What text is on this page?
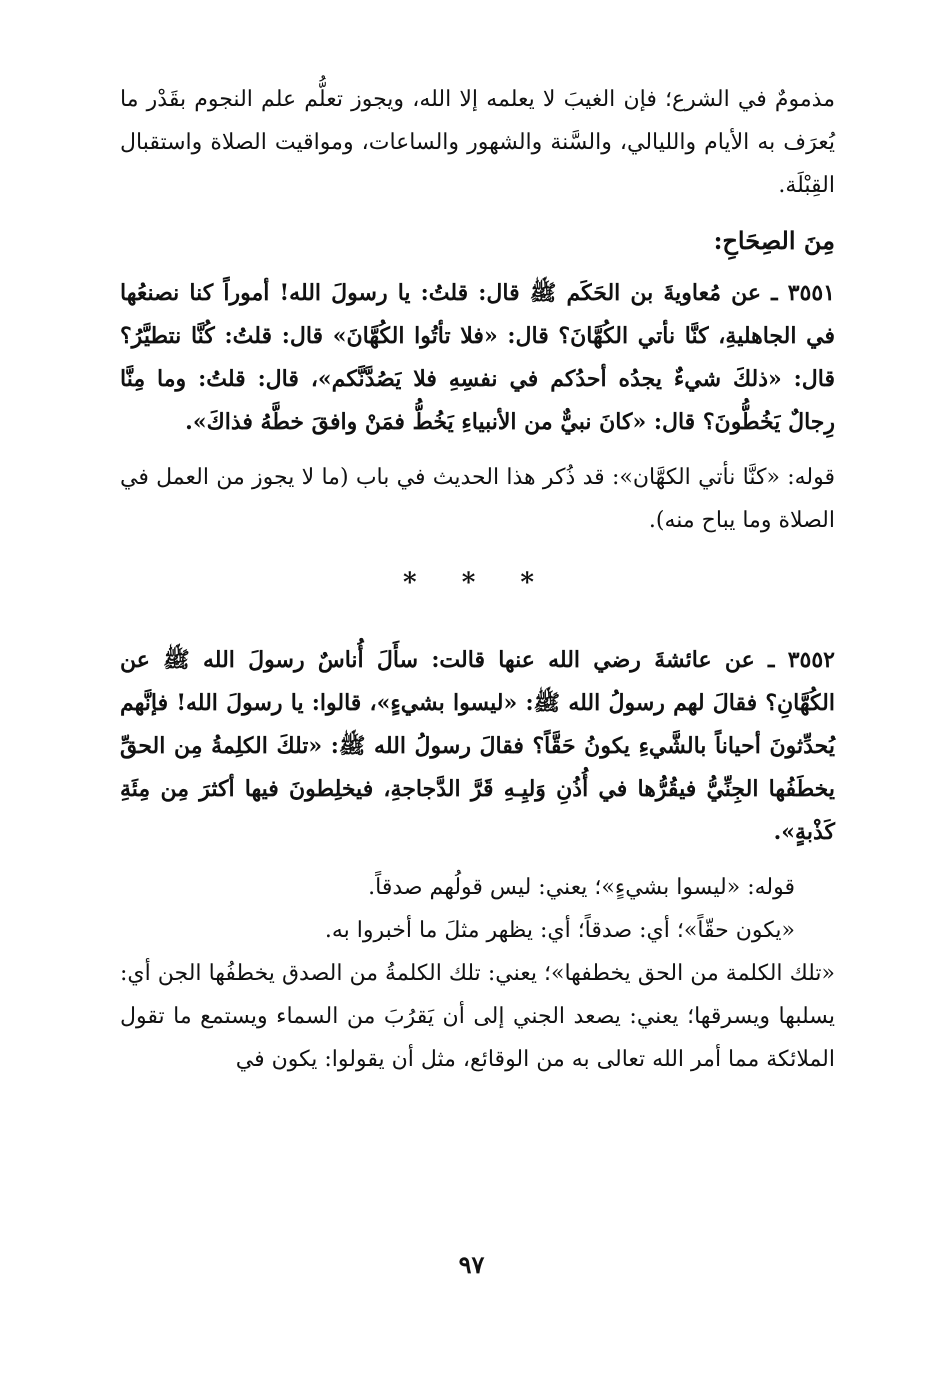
مذمومٌ في الشرع؛ فإن الغيبَ لا يعلمه إلا الله، ويجوز تعلُّم علم النجوم بقَدْر ما يُعرَف به الأيام والليالي، والسَّنة والشهور والساعات، ومواقيت الصلاة واستقبال القِبْلَة.

مِنَ الصِحَاحِ:

٣٥٥١ ـ عن مُعاويةَ بن الحَكَم ﷺ قال: قلتُ: يا رسولَ الله! أموراً كنا نصنعُها في الجاهليةِ، كنَّا نأتي الكُهَّانَ؟ قال: «فلا تأتُوا الكُهَّانَ» قال: قلتُ: كُنَّا نتطيَّرُ؟ قال: «ذلكَ شيءٌ يجدُه أحدُكم في نفسِهِ فلا يَصُدَّنَّكم»، قال: قلتُ: وما مِنَّا رِجالٌ يَخُطُّونَ؟ قال: «كانَ نبيٌّ من الأنبياءِ يَخُطُّ فمَنْ وافقَ خطَّهُ فذاكَ».

قوله: «كنَّا نأتي الكهَّان»: قد ذُكر هذا الحديث في باب (ما لا يجوز من العمل في الصلاة وما يباح منه).

* * *

٣٥٥٢ ـ عن عائشةَ رضي الله عنها قالت: سأَلَ أُناسٌ رسولَ الله ﷺ عن الكُهَّانِ؟ فقالَ لهم رسولُ الله ﷺ: «ليسوا بشيءٍ»، قالوا: يا رسولَ الله! فإنَّهم يُحدِّثونَ أحياناً بالشَّيءِ يكونُ حَقَّاً؟ فقالَ رسولُ الله ﷺ: «تلكَ الكلِمةُ مِن الحقِّ يخطَفُها الجِنِّيُّ فيقُرُّها في أُذُنِ وَليِـهِ قَرَّ الدَّجاجةِ، فيخلِطونَ فيها أكثرَ مِن مِئَةِ كَذْبةٍ».

قوله: «ليسوا بشيءٍ»؛ يعني: ليس قولُهم صدقاً.

«يكون حقّاً»؛ أي: صدقاً؛ أي: يظهر مثلَ ما أخبروا به.

«تلك الكلمة من الحق يخطفها»؛ يعني: تلك الكلمةُ من الصدق يخطفُها الجن أي: يسلبها ويسرقها؛ يعني: يصعد الجني إلى أن يَقرُبَ من السماء ويستمع ما تقول الملائكة مما أمر الله تعالى به من الوقائع، مثل أن يقولوا: يكون في

٩٧
